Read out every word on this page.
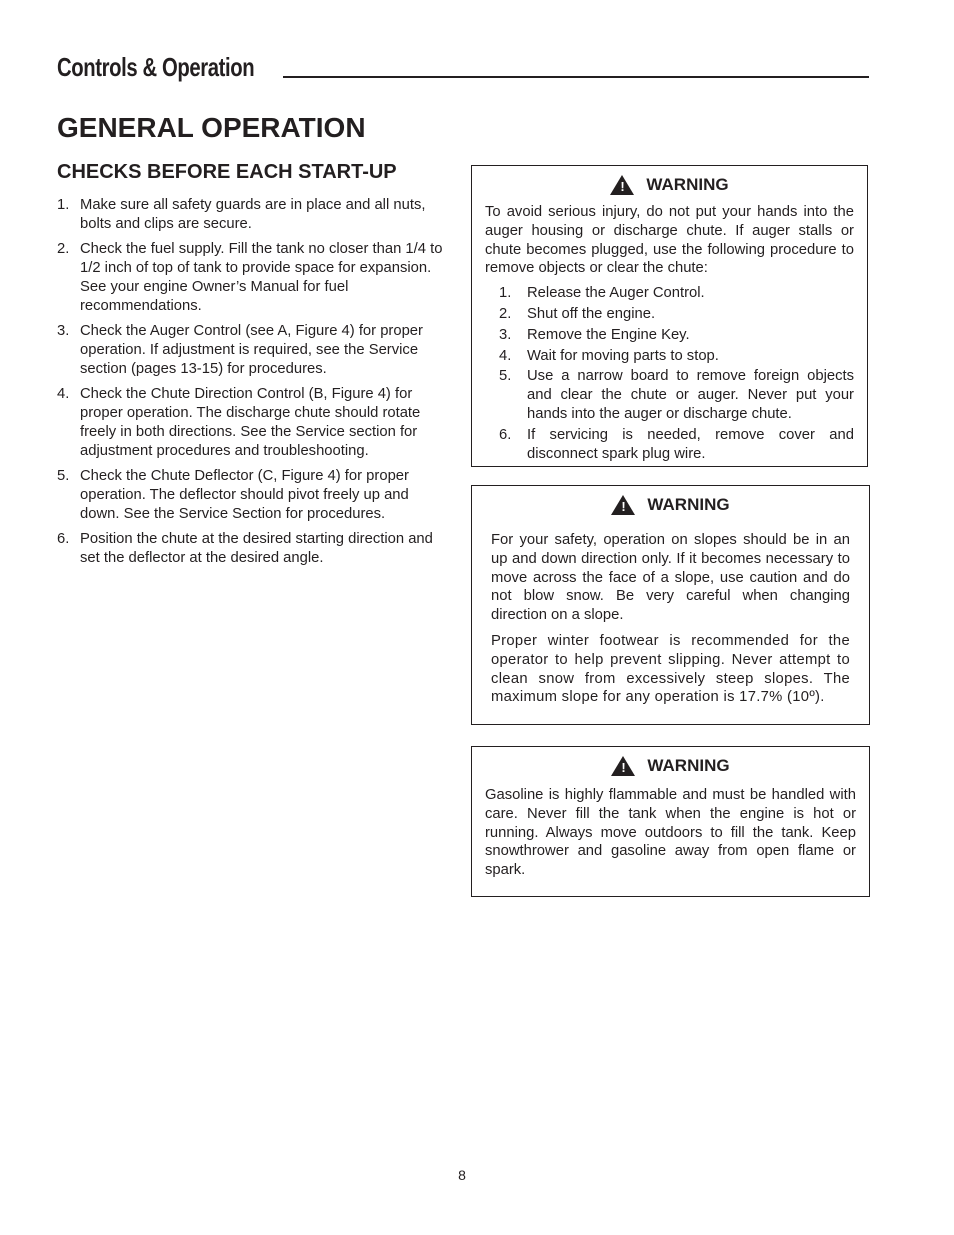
Controls & Operation
GENERAL OPERATION
CHECKS BEFORE EACH START-UP
1. Make sure all safety guards are in place and all nuts, bolts and clips are secure.
2. Check the fuel supply. Fill the tank no closer than 1/4 to 1/2 inch of top of tank to provide space for expansion. See your engine Owner’s Manual for fuel recommendations.
3. Check the Auger Control (see A, Figure 4) for proper operation. If adjustment is required, see the Service section (pages 13-15) for procedures.
4. Check the Chute Direction Control (B, Figure 4) for proper operation. The discharge chute should rotate freely in both directions. See the Service section for adjustment procedures and troubleshooting.
5. Check the Chute Deflector (C, Figure 4) for proper operation. The deflector should pivot freely up and down. See the Service Section for procedures.
6. Position the chute at the desired starting direction and set the deflector at the desired angle.
! WARNING

To avoid serious injury, do not put your hands into the auger housing or discharge chute. If auger stalls or chute becomes plugged, use the following procedure to remove objects or clear the chute:

1.	Release the Auger Control.
2.	Shut off the engine.
3.	Remove the Engine Key.
4.	Wait for moving parts to stop.
5.	Use a narrow board to remove foreign objects and clear the chute or auger. Never put your hands into the auger or discharge chute.
6.	If servicing is needed, remove cover and disconnect spark plug wire.
! WARNING

For your safety, operation on slopes should be in an up and down direction only. If it becomes necessary to move across the face of a slope, use caution and do not blow snow. Be very careful when changing direction on a slope.

Proper winter footwear is recommended for the operator to help prevent slipping. Never attempt to clean snow from excessively steep slopes. The maximum slope for any operation is 17.7% (10º).

! WARNING

Gasoline is highly flammable and must be handled with care. Never fill the tank when the engine is hot or running. Always move outdoors to fill the tank. Keep snowthrower and gasoline away from open flame or spark.

8
